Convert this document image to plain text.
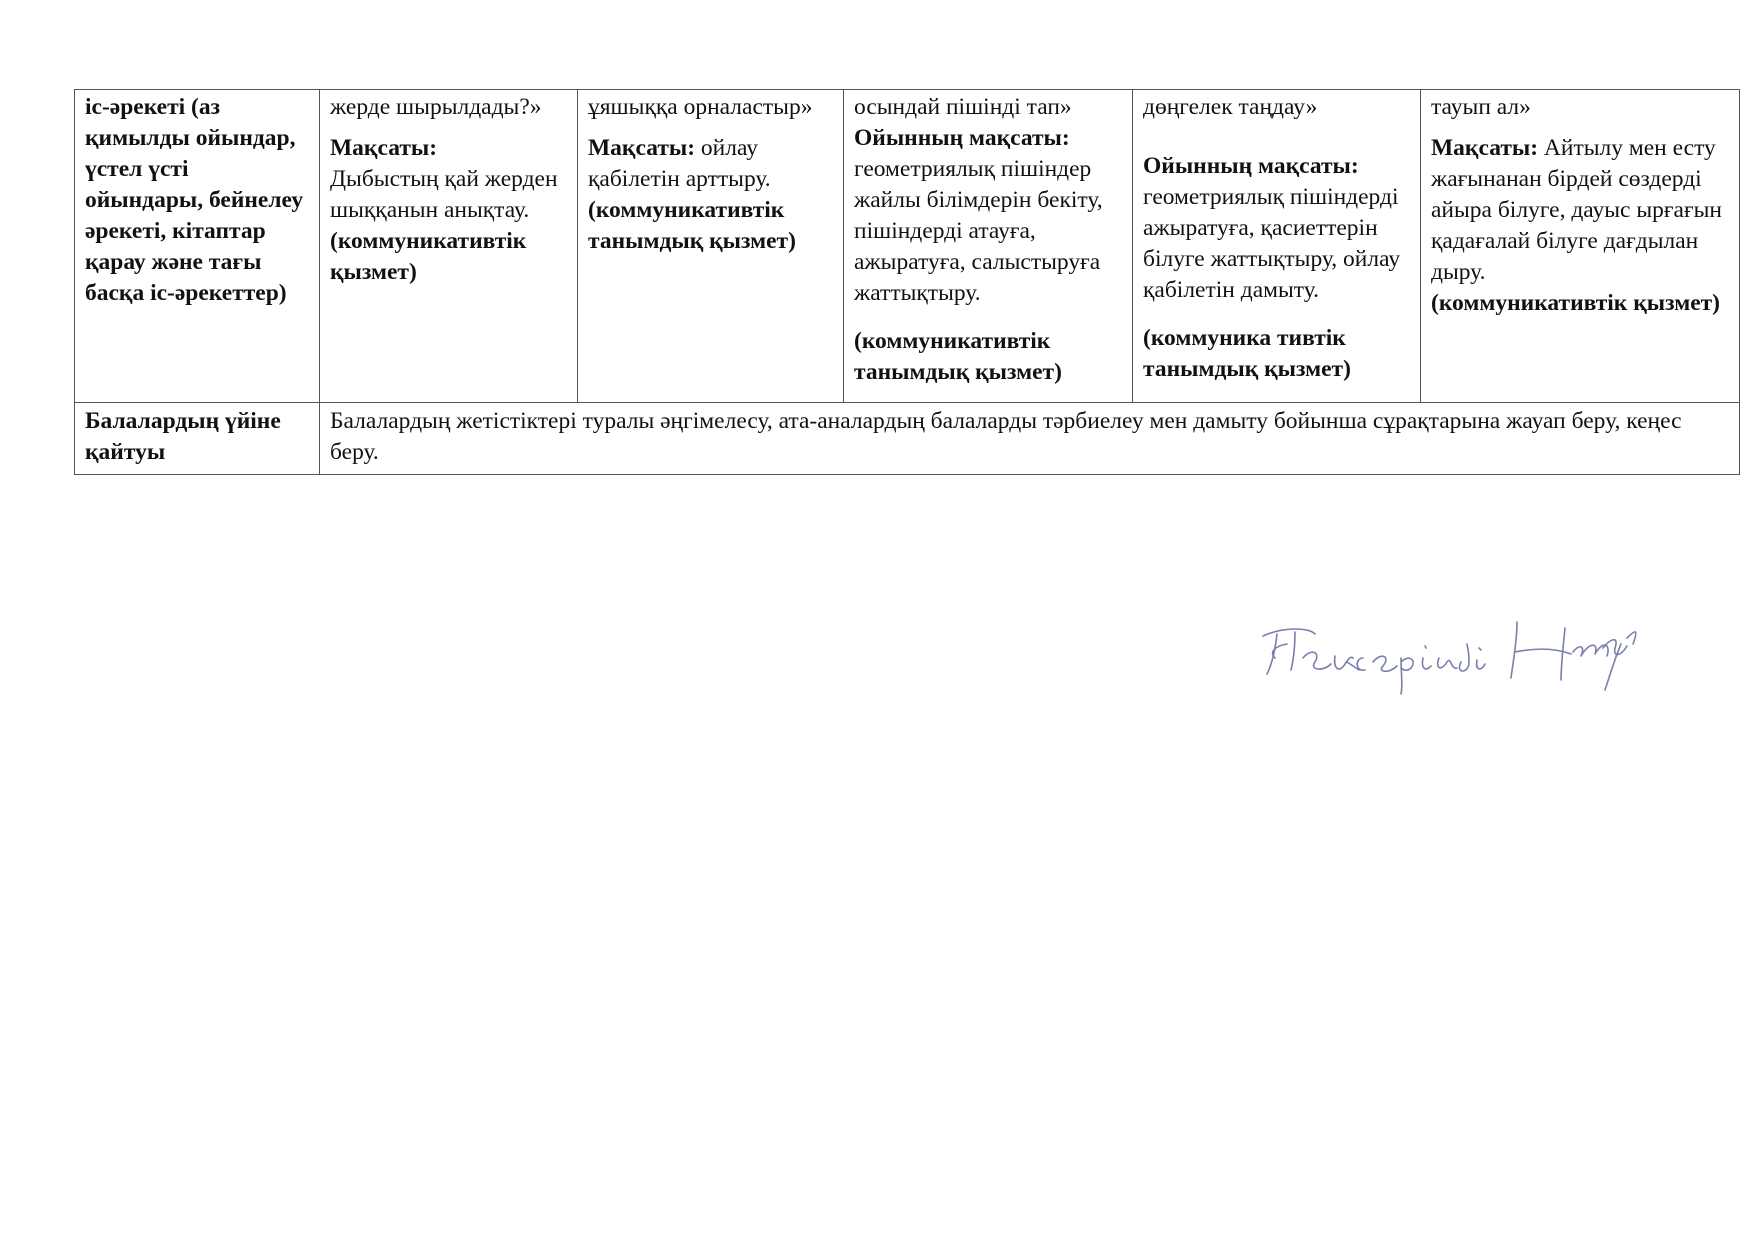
іс-әрекеті (аз қимылды ойындар, үстел үсті ойындары, бейнелеу әрекеті, кітаптар қарау және тағы басқа іс-әрекеттер)	жерде шырылдады?»
Мақсаты:
Дыбыстың қай жерден шыққанын анықтау.
(коммуникативтік қызмет)	ұяшыққа орналастыр»
Мақсаты: ойлау қабілетін арттыру.
(коммуникативтік танымдық қызмет)	осындай пішінді тап»
Ойынның мақсаты:
геометриялық пішіндер жайлы білімдерін бекіту, пішіндерді атауға, ажыратуға, салыстыруға жаттықтыру.
(коммуникативтік танымдық қызмет)	дөңгелек таңдау»
Ойынның мақсаты:
геометриялық пішіндерді ажыратуға, қасиеттерін білуге жаттықтыру, ойлау қабілетін дамыту.
(коммуника тивтік танымдық қызмет)	тауып ал»
Мақсаты: Айтылу мен есту жағынанан бірдей сөздерді айыра білуге, дауыс ырғағын қадағалай білуге дағдылан дыру.
(коммуникативтік қызмет)

Балалардың үйіне қайтуы	Балалардың жетістіктері туралы әңгімелесу, ата-аналардың балаларды тәрбиелеу мен дамыту бойынша сұрақтарына жауап беру, кеңес беру.				
